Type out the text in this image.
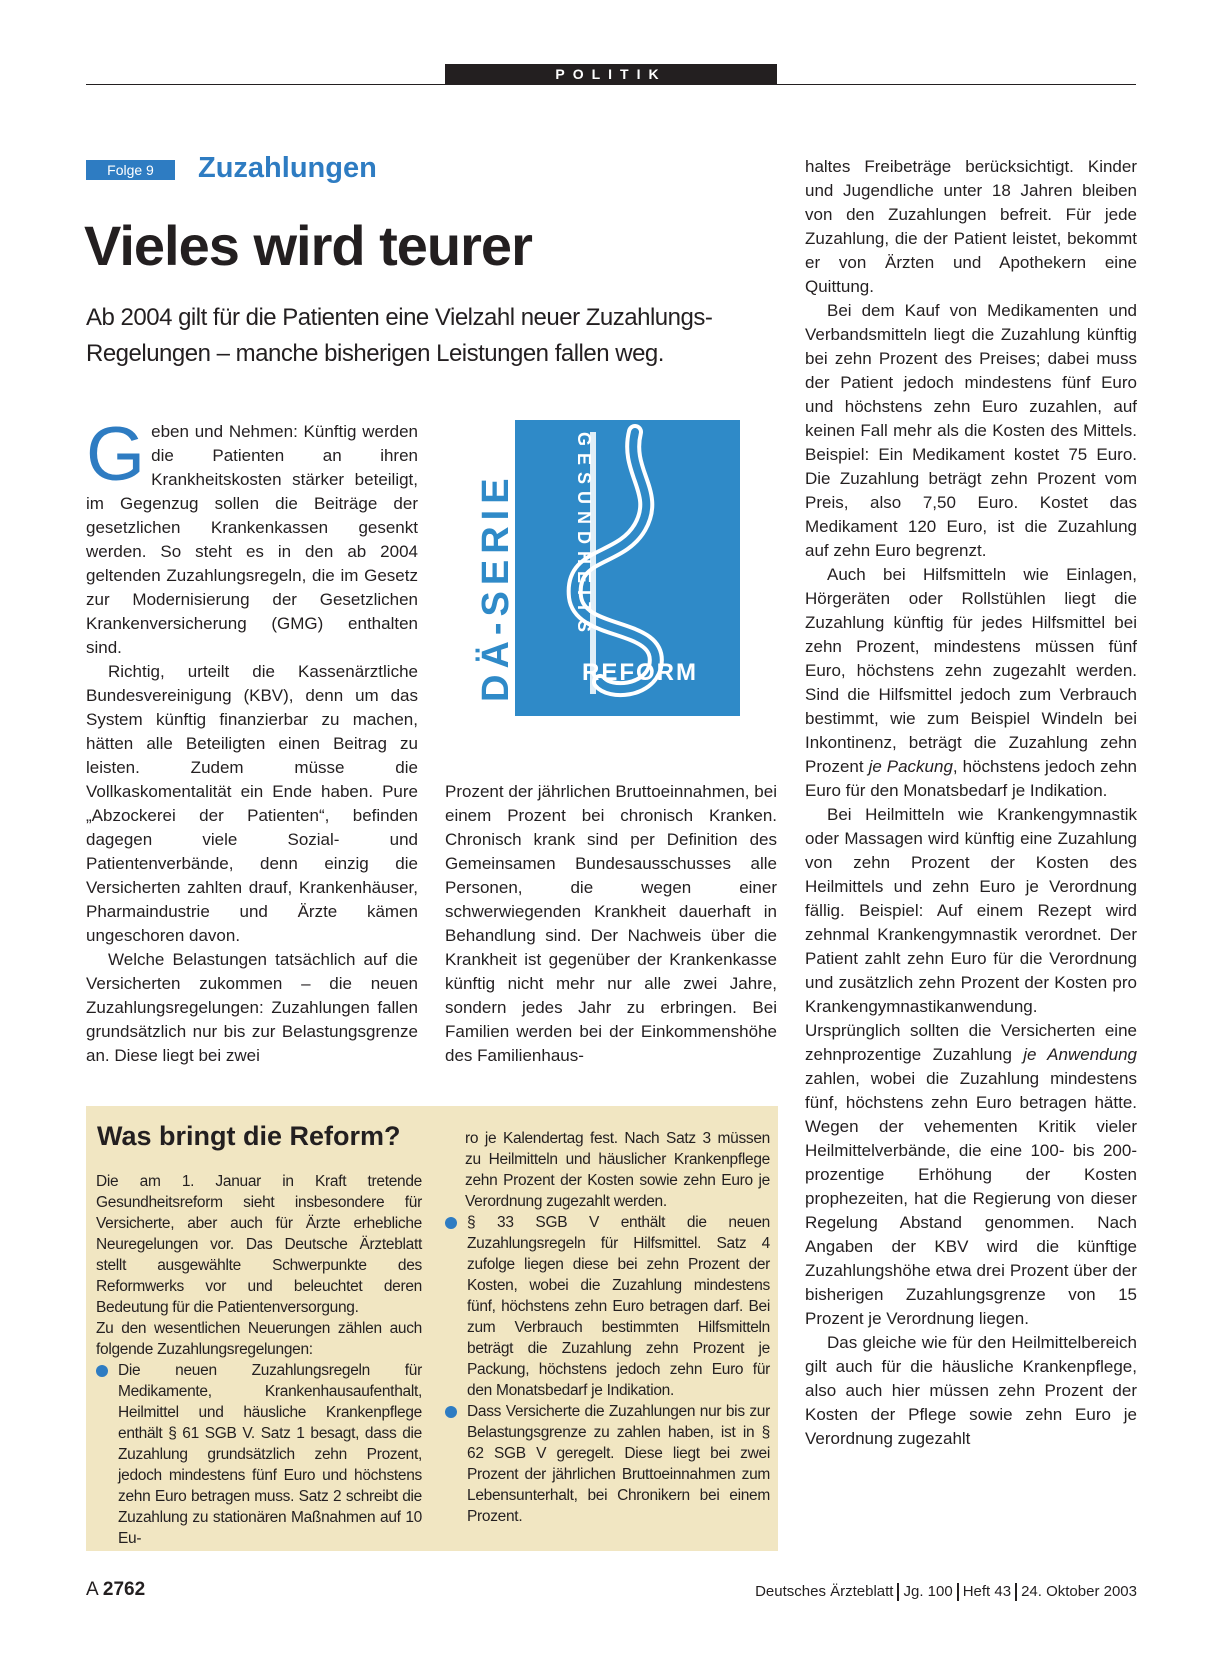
POLITIK
Folge 9	Zuzahlungen
Vieles wird teurer
Ab 2004 gilt für die Patienten eine Vielzahl neuer Zuzahlungs-Regelungen – manche bisherigen Leistungen fallen weg.

Geben und Nehmen: Künftig werden die Patienten an ihren Krankheitskosten stärker beteiligt, im Gegenzug sollen die Beiträge der gesetzlichen Krankenkassen gesenkt werden. So steht es in den ab 2004 geltenden Zuzahlungsregeln, die im Gesetz zur Modernisierung der Gesetzlichen Krankenversicherung (GMG) enthalten sind.

Richtig, urteilt die Kassenärztliche Bundesvereinigung (KBV), denn um das System künftig finanzierbar zu machen, hätten alle Beteiligten einen Beitrag zu leisten. Zudem müsse die Vollkaskomentalität ein Ende haben. Pure „Abzockerei der Patienten“, befinden dagegen viele Sozial- und Patientenverbände, denn einzig die Versicherten zahlten drauf, Krankenhäuser, Pharmaindustrie und Ärzte kämen ungeschoren davon.

Welche Belastungen tatsächlich auf die Versicherten zukommen – die neuen Zuzahlungsregelungen: Zuzahlungen fallen grundsätzlich nur bis zur Belastungsgrenze an. Diese liegt bei zwei

DÄ-SERIE	GESUNDHEITS
REFORM

Prozent der jährlichen Bruttoeinnahmen, bei einem Prozent bei chronisch Kranken. Chronisch krank sind per Definition des Gemeinsamen Bundesausschusses alle Personen, die wegen einer schwerwiegenden Krankheit dauerhaft in Behandlung sind. Der Nachweis über die Krankheit ist gegenüber der Krankenkasse künftig nicht mehr nur alle zwei Jahre, sondern jedes Jahr zu erbringen. Bei Familien werden bei der Einkommenshöhe des Familienhaus-

haltes Freibeträge berücksichtigt. Kinder und Jugendliche unter 18 Jahren bleiben von den Zuzahlungen befreit. Für jede Zuzahlung, die der Patient leistet, bekommt er von Ärzten und Apothekern eine Quittung.

Bei dem Kauf von Medikamenten und Verbandsmitteln liegt die Zuzahlung künftig bei zehn Prozent des Preises; dabei muss der Patient jedoch mindestens fünf Euro und höchstens zehn Euro zuzahlen, auf keinen Fall mehr als die Kosten des Mittels. Beispiel: Ein Medikament kostet 75 Euro. Die Zuzahlung beträgt zehn Prozent vom Preis, also 7,50 Euro. Kostet das Medikament 120 Euro, ist die Zuzahlung auf zehn Euro begrenzt.

Auch bei Hilfsmitteln wie Einlagen, Hörgeräten oder Rollstühlen liegt die Zuzahlung künftig für jedes Hilfsmittel bei zehn Prozent, mindestens müssen fünf Euro, höchstens zehn zugezahlt werden. Sind die Hilfsmittel jedoch zum Verbrauch bestimmt, wie zum Beispiel Windeln bei Inkontinenz, beträgt die Zuzahlung zehn Prozent je Packung, höchstens jedoch zehn Euro für den Monatsbedarf je Indikation.

Bei Heilmitteln wie Krankengymnastik oder Massagen wird künftig eine Zuzahlung von zehn Prozent der Kosten des Heilmittels und zehn Euro je Verordnung fällig. Beispiel: Auf einem Rezept wird zehnmal Krankengymnastik verordnet. Der Patient zahlt zehn Euro für die Verordnung und zusätzlich zehn Prozent der Kosten pro Krankengymnastikanwendung. Ursprünglich sollten die Versicherten eine zehnprozentige Zuzahlung je Anwendung zahlen, wobei die Zuzahlung mindestens fünf, höchstens zehn Euro betragen hätte. Wegen der vehementen Kritik vieler Heilmittelverbände, die eine 100- bis 200-prozentige Erhöhung der Kosten prophezeiten, hat die Regierung von dieser Regelung Abstand genommen. Nach Angaben der KBV wird die künftige Zuzahlungshöhe etwa drei Prozent über der bisherigen Zuzahlungsgrenze von 15 Prozent je Verordnung liegen.

Das gleiche wie für den Heilmittelbereich gilt auch für die häusliche Krankenpflege, also auch hier müssen zehn Prozent der Kosten der Pflege sowie zehn Euro je Verordnung zugezahlt

Was bringt die Reform?

Die am 1. Januar in Kraft tretende Gesundheitsreform sieht insbesondere für Versicherte, aber auch für Ärzte erhebliche Neuregelungen vor. Das Deutsche Ärzteblatt stellt ausgewählte Schwerpunkte des Reformwerks vor und beleuchtet deren Bedeutung für die Patientenversorgung.

Zu den wesentlichen Neuerungen zählen auch folgende Zuzahlungsregelungen:

Die neuen Zuzahlungsregeln für Medikamente, Krankenhausaufenthalt, Heilmittel und häusliche Krankenpflege enthält § 61 SGB V. Satz 1 besagt, dass die Zuzahlung grundsätzlich zehn Prozent, jedoch mindestens fünf Euro und höchstens zehn Euro betragen muss. Satz 2 schreibt die Zuzahlung zu stationären Maßnahmen auf 10 Eu-

ro je Kalendertag fest. Nach Satz 3 müssen zu Heilmitteln und häuslicher Krankenpflege zehn Prozent der Kosten sowie zehn Euro je Verordnung zugezahlt werden.

§ 33 SGB V enthält die neuen Zuzahlungsregeln für Hilfsmittel. Satz 4 zufolge liegen diese bei zehn Prozent der Kosten, wobei die Zuzahlung mindestens fünf, höchstens zehn Euro betragen darf. Bei zum Verbrauch bestimmten Hilfsmitteln beträgt die Zuzahlung zehn Prozent je Packung, höchstens jedoch zehn Euro für den Monatsbedarf je Indikation.

Dass Versicherte die Zuzahlungen nur bis zur Belastungsgrenze zu zahlen haben, ist in § 62 SGB V geregelt. Diese liegt bei zwei Prozent der jährlichen Bruttoeinnahmen zum Lebensunterhalt, bei Chronikern bei einem Prozent.

A 2762	Deutsches Ärzteblatt Jg. 100 Heft 43 24. Oktober 2003
